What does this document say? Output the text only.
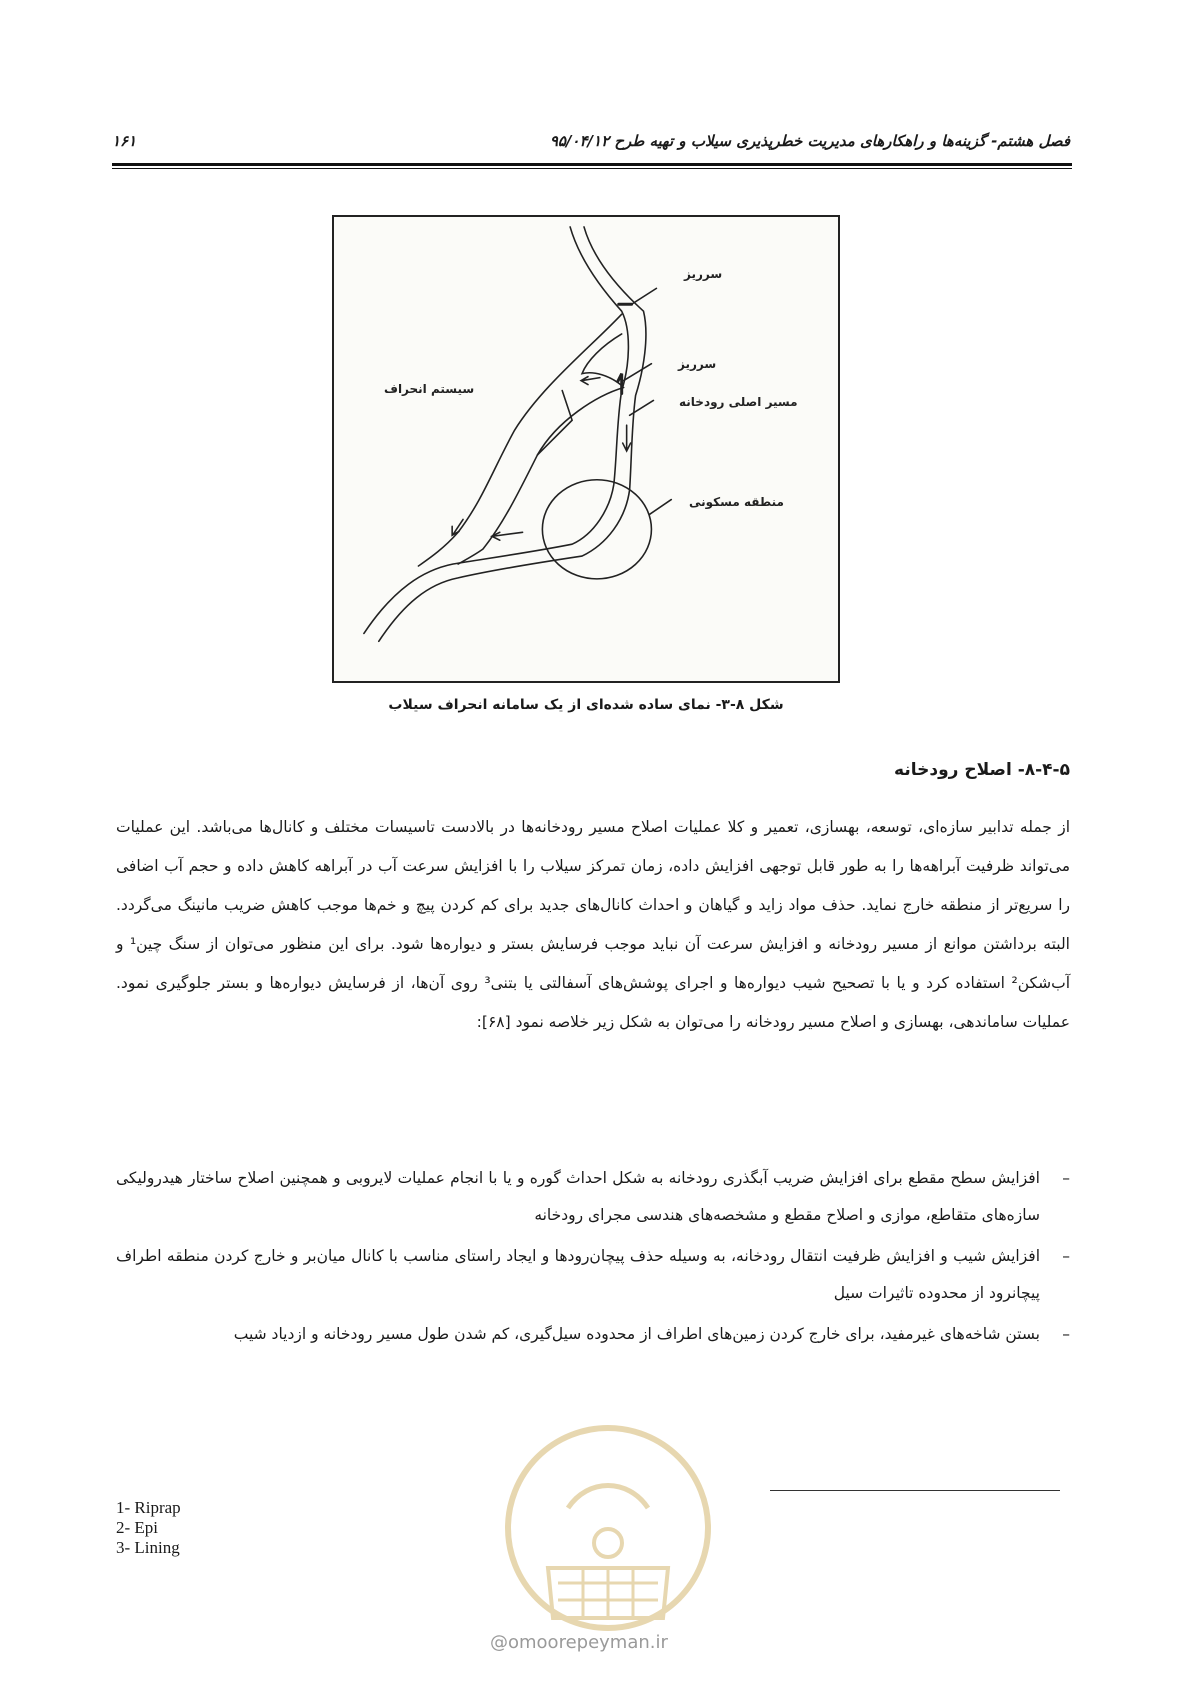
فصل هشتم- گزینه‌ها و راهکارهای مدیریت خطرپذیری سیلاب و تهیه طرح ۹۵/۰۴/۱۲
۱۶۱
سرریز
سرریز
مسیر اصلی رودخانه
سیستم انحراف
منطقه مسکونی
شکل ۸-۳- نمای ساده شده‌ای از یک سامانه انحراف سیلاب
۸-۴-۵- اصلاح رودخانه
از جمله تدابیر سازه‌ای، توسعه، بهسازی، تعمیر و کلا عملیات اصلاح مسیر رودخانه‌ها در بالادست تاسیسات مختلف و کانال‌ها می‌باشد. این عملیات می‌تواند ظرفیت آبراهه‌ها را به طور قابل توجهی افزایش داده، زمان تمرکز سیلاب را با افزایش سرعت آب در آبراهه کاهش داده و حجم آب اضافی را سریع‌تر از منطقه خارج نماید. حذف مواد زاید و گیاهان و احداث کانال‌های جدید برای کم کردن پیچ و خم‌ها موجب کاهش ضریب مانینگ می‌گردد. البته برداشتن موانع از مسیر رودخانه و افزایش سرعت آن نباید موجب فرسایش بستر و دیواره‌ها شود. برای این منظور می‌توان از سنگ چین¹ و آب‌شکن² استفاده کرد و یا با تصحیح شیب دیواره‌ها و اجرای پوشش‌های آسفالتی یا بتنی³ روی آن‌ها، از فرسایش دیواره‌ها و بستر جلوگیری نمود. عملیات ساماندهی، بهسازی و اصلاح مسیر رودخانه را می‌توان به شکل زیر خلاصه نمود [۶۸]:
–
افزایش سطح مقطع برای افزایش ضریب آبگذری رودخانه به شکل احداث گوره و یا با انجام عملیات لایروبی و همچنین اصلاح ساختار هیدرولیکی سازه‌های متقاطع، موازی و اصلاح مقطع و مشخصه‌های هندسی مجرای رودخانه
–
افزایش شیب و افزایش ظرفیت انتقال رودخانه، به وسیله حذف پیچان‌رودها و ایجاد راستای مناسب با کانال میان‌بر و خارج کردن منطقه اطراف پیچانرود از محدوده تاثیرات سیل
–
بستن شاخه‌های غیرمفید، برای خارج کردن زمین‌های اطراف از محدوده سیل‌گیری، کم شدن طول مسیر رودخانه و ازدیاد شیب
@omoorepeyman.ir
1- Riprap
2- Epi
3- Lining
